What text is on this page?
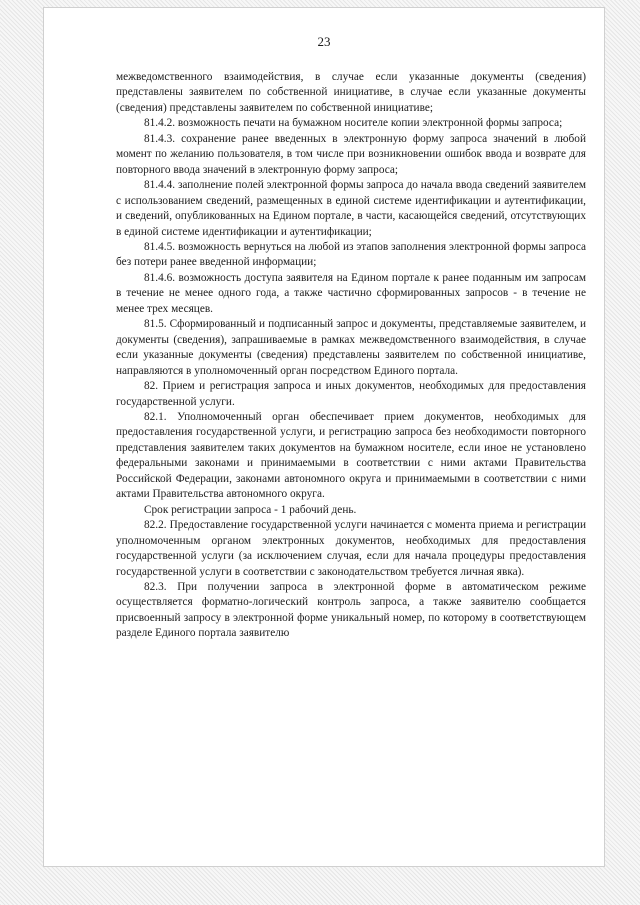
23

межведомственного взаимодействия, в случае если указанные документы (сведения) представлены заявителем по собственной инициативе, в случае если указанные документы (сведения) представлены заявителем по собственной инициативе;

81.4.2. возможность печати на бумажном носителе копии электронной формы запроса;

81.4.3. сохранение ранее введенных в электронную форму запроса значений в любой момент по желанию пользователя, в том числе при возникновении ошибок ввода и возврате для повторного ввода значений в электронную форму запроса;

81.4.4. заполнение полей электронной формы запроса до начала ввода сведений заявителем с использованием сведений, размещенных в единой системе идентификации и аутентификации, и сведений, опубликованных на Едином портале, в части, касающейся сведений, отсутствующих в единой системе идентификации и аутентификации;

81.4.5. возможность вернуться на любой из этапов заполнения электронной формы запроса без потери ранее введенной информации;

81.4.6. возможность доступа заявителя на Едином портале к ранее поданным им запросам в течение не менее одного года, а также частично сформированных запросов - в течение не менее трех месяцев.

81.5. Сформированный и подписанный запрос и документы, представляемые заявителем, и документы (сведения), запрашиваемые в рамках межведомственного взаимодействия, в случае если указанные документы (сведения) представлены заявителем по собственной инициативе, направляются в уполномоченный орган посредством Единого портала.

82. Прием и регистрация запроса и иных документов, необходимых для предоставления государственной услуги.

82.1. Уполномоченный орган обеспечивает прием документов, необходимых для предоставления государственной услуги, и регистрацию запроса без необходимости повторного представления заявителем таких документов на бумажном носителе, если иное не установлено федеральными законами и принимаемыми в соответствии с ними актами Правительства Российской Федерации, законами автономного округа и принимаемыми в соответствии с ними актами Правительства автономного округа.

Срок регистрации запроса - 1 рабочий день.

82.2. Предоставление государственной услуги начинается с момента приема и регистрации уполномоченным органом электронных документов, необходимых для предоставления государственной услуги (за исключением случая, если для начала процедуры предоставления государственной услуги в соответствии с законодательством требуется личная явка).

82.3. При получении запроса в электронной форме в автоматическом режиме осуществляется форматно-логический контроль запроса, а также заявителю сообщается присвоенный запросу в электронной форме уникальный номер, по которому в соответствующем разделе Единого портала заявителю
